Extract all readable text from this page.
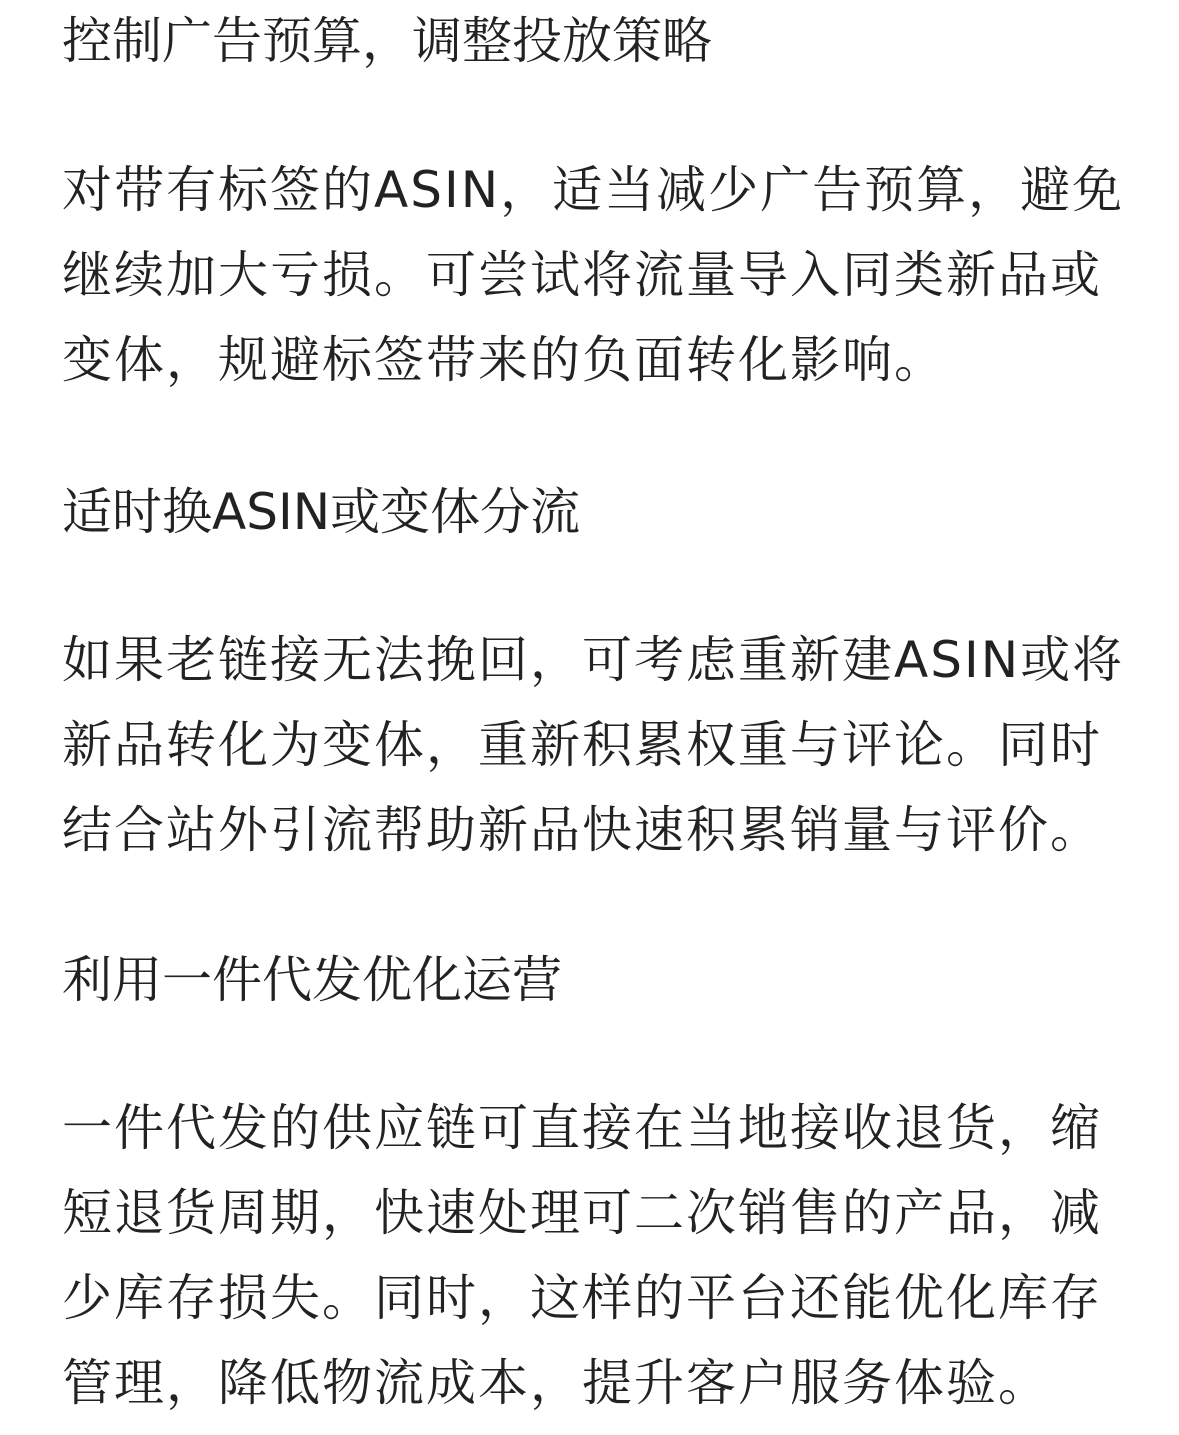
控制广告预算，调整投放策略
对带有标签的ASIN，适当减少广告预算，避免
继续加大亏损。可尝试将流量导入同类新品或
变体，规避标签带来的负面转化影响。
适时换ASIN或变体分流
如果老链接无法挽回，可考虑重新建ASIN或将
新品转化为变体，重新积累权重与评论。同时
结合站外引流帮助新品快速积累销量与评价。
利用一件代发优化运营
一件代发的供应链可直接在当地接收退货，缩
短退货周期，快速处理可二次销售的产品，减
少库存损失。同时，这样的平台还能优化库存
管理，降低物流成本，提升客户服务体验。
